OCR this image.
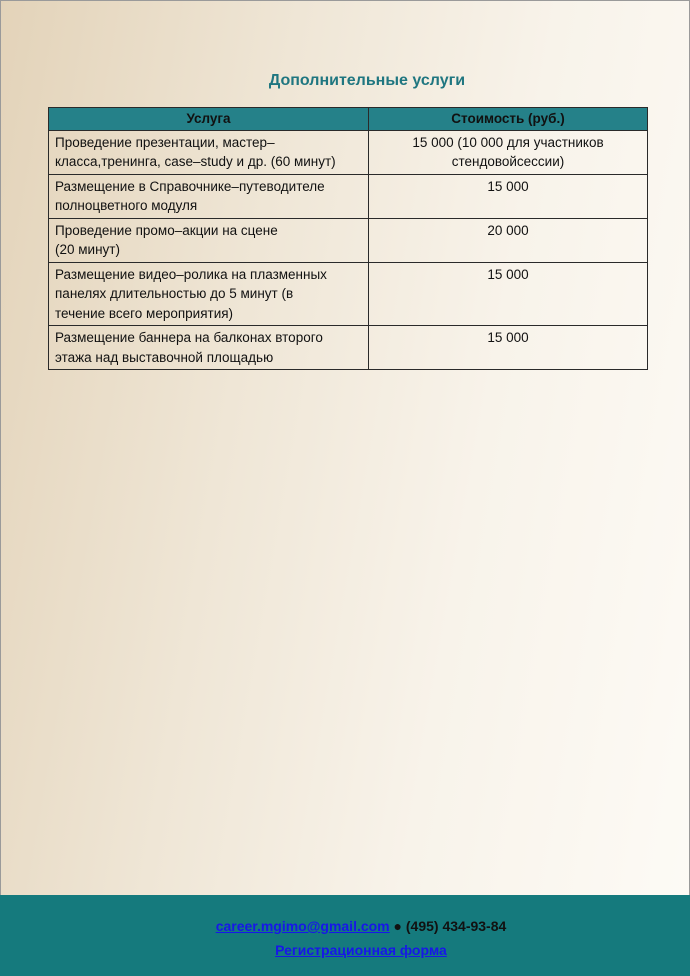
Дополнительные услуги
Услуга	Стоимость (руб.)
Проведение презентации, мастер–
класса,тренинга, case–study и др. (60 минут)	15 000 (10 000 для участников
стендовойсессии)
Размещение в Справочнике–путеводителе
полноцветного модуля	15 000
Проведение промо–акции на сцене
(20 минут)	20 000
Размещение видео–ролика на плазменных
панелях длительностью до 5 минут (в
течение всего мероприятия)	15 000
Размещение баннера на балконах второго
этажа над выставочной площадью	15 000
career.mgimo@gmail.com ● (495) 434-93-84
Регистрационная форма
